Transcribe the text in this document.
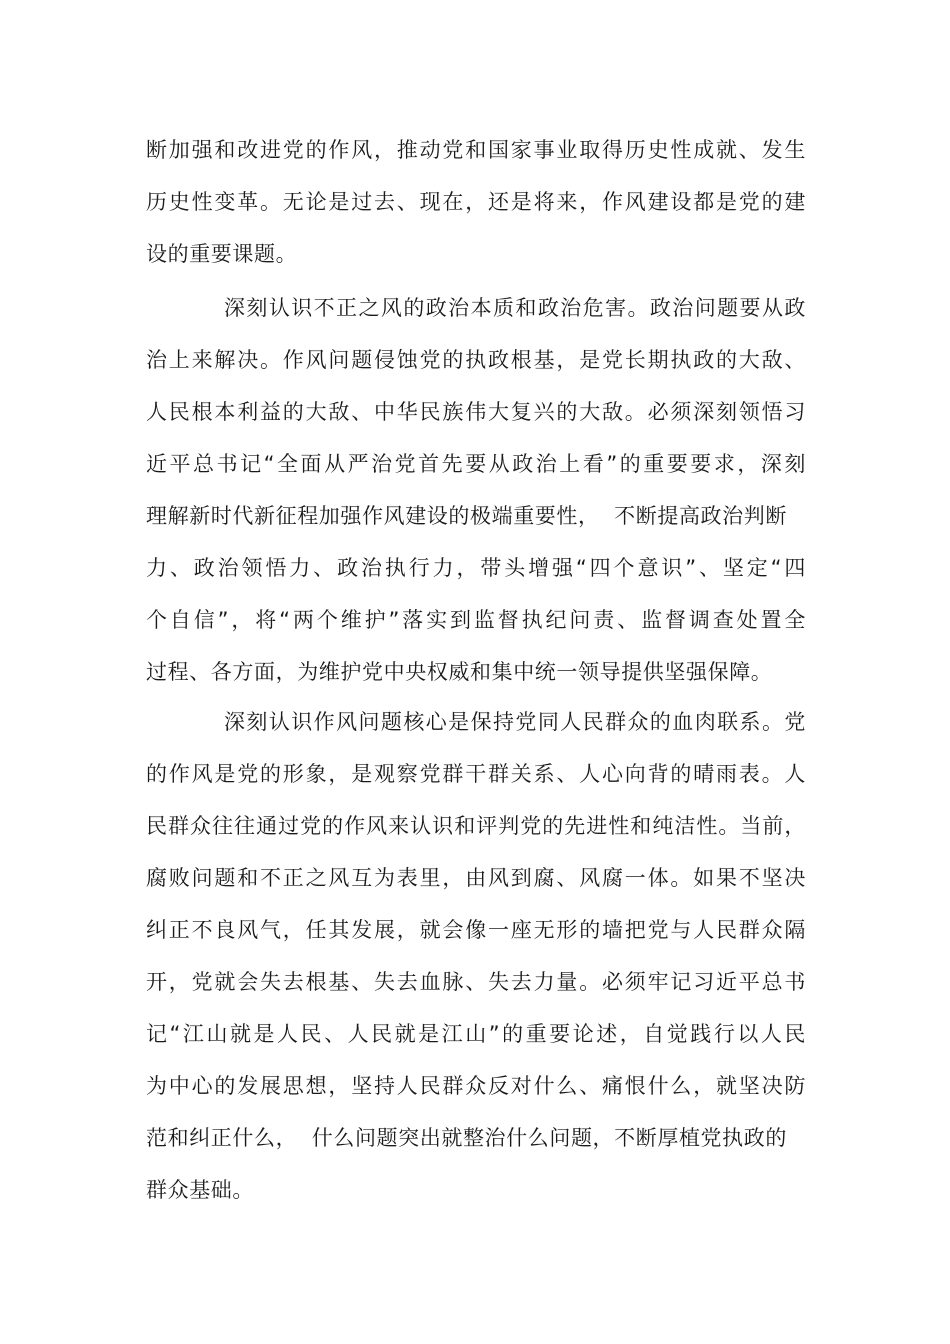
断加强和改进党的作风，推动党和国家事业取得历史性成就、发生
历史性变革。无论是过去、现在，还是将来，作风建设都是党的建
设的重要课题。
深刻认识不正之风的政治本质和政治危害。政治问题要从政
治上来解决。作风问题侵蚀党的执政根基，是党长期执政的大敌、
人民根本利益的大敌、中华民族伟大复兴的大敌。必须深刻领悟习
近平总书记“全面从严治党首先要从政治上看”的重要要求，深刻
理解新时代新征程加强作风建设的极端重要性，  不断提高政治判断
力、政治领悟力、政治执行力，带头增强“四个意识”、坚定“四
个自信”，将“两个维护”落实到监督执纪问责、监督调查处置全
过程、各方面，为维护党中央权威和集中统一领导提供坚强保障。
深刻认识作风问题核心是保持党同人民群众的血肉联系。党
的作风是党的形象，是观察党群干群关系、人心向背的晴雨表。人
民群众往往通过党的作风来认识和评判党的先进性和纯洁性。当前，
腐败问题和不正之风互为表里，由风到腐、风腐一体。如果不坚决
纠正不良风气，任其发展，就会像一座无形的墙把党与人民群众隔
开，党就会失去根基、失去血脉、失去力量。必须牢记习近平总书
记“江山就是人民、人民就是江山”的重要论述，自觉践行以人民
为中心的发展思想，坚持人民群众反对什么、痛恨什么，就坚决防
范和纠正什么，  什么问题突出就整治什么问题，不断厚植党执政的
群众基础。
